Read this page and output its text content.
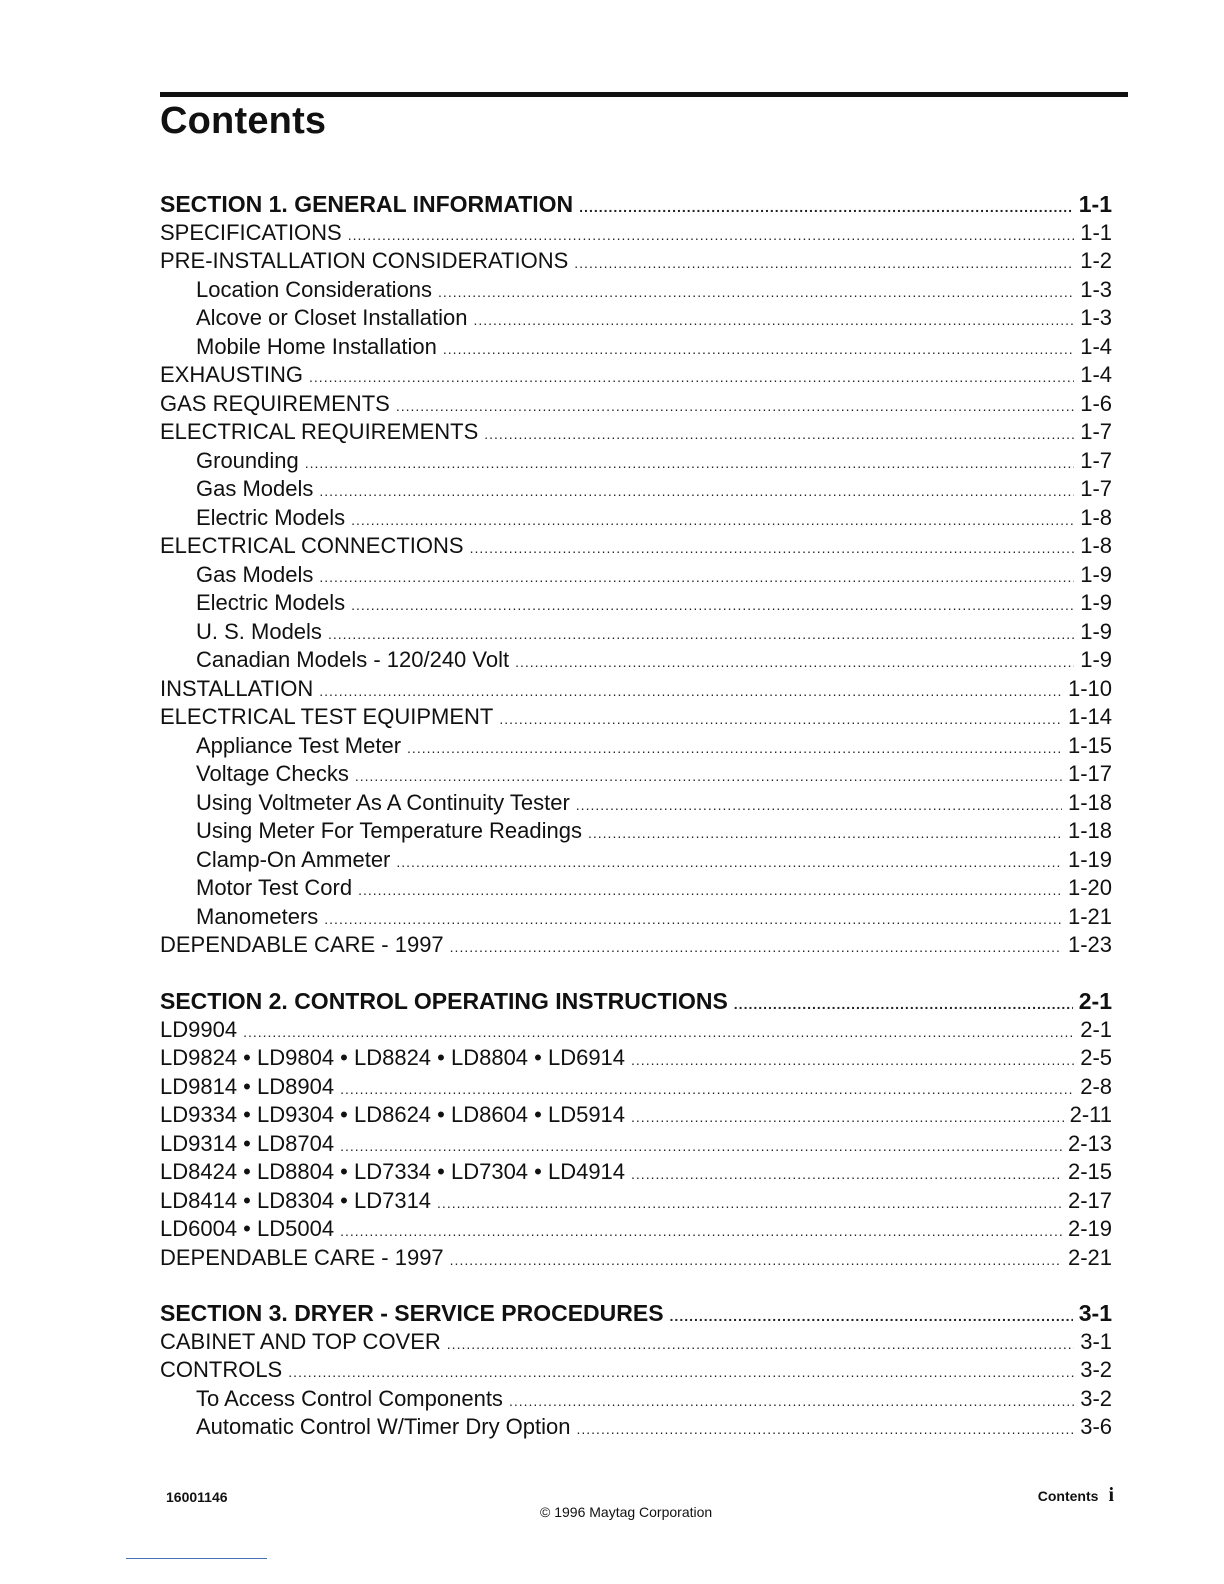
Contents
SECTION 1. GENERAL INFORMATION .....	1-1
SPECIFICATIONS .....	1-1
PRE-INSTALLATION CONSIDERATIONS .....	1-2
Location Considerations .....	1-3
Alcove or Closet Installation .....	1-3
Mobile Home Installation .....	1-4
EXHAUSTING .....	1-4
GAS REQUIREMENTS .....	1-6
ELECTRICAL REQUIREMENTS .....	1-7
Grounding .....	1-7
Gas Models .....	1-7
Electric Models .....	1-8
ELECTRICAL CONNECTIONS .....	1-8
Gas Models .....	1-9
Electric Models .....	1-9
U. S. Models .....	1-9
Canadian Models - 120/240 Volt .....	1-9
INSTALLATION .....	1-10
ELECTRICAL TEST EQUIPMENT .....	1-14
Appliance Test Meter .....	1-15
Voltage Checks .....	1-17
Using Voltmeter As A Continuity Tester .....	1-18
Using Meter For Temperature Readings .....	1-18
Clamp-On Ammeter .....	1-19
Motor Test Cord .....	1-20
Manometers .....	1-21
DEPENDABLE CARE - 1997 .....	1-23
SECTION 2. CONTROL OPERATING INSTRUCTIONS .....	2-1
LD9904 .....	2-1
LD9824 • LD9804 • LD8824 • LD8804 • LD6914 .....	2-5
LD9814 • LD8904 .....	2-8
LD9334 • LD9304 • LD8624 • LD8604 • LD5914 .....	2-11
LD9314 • LD8704 .....	2-13
LD8424 • LD8804 • LD7334 • LD7304 • LD4914 .....	2-15
LD8414 • LD8304 • LD7314 .....	2-17
LD6004 • LD5004 .....	2-19
DEPENDABLE CARE - 1997 .....	2-21
SECTION 3. DRYER - SERVICE PROCEDURES .....	3-1
CABINET AND TOP COVER .....	3-1
CONTROLS .....	3-2
To Access Control Components .....	3-2
Automatic Control W/Timer Dry Option .....	3-6
16001146
© 1996 Maytag Corporation
Contents i
